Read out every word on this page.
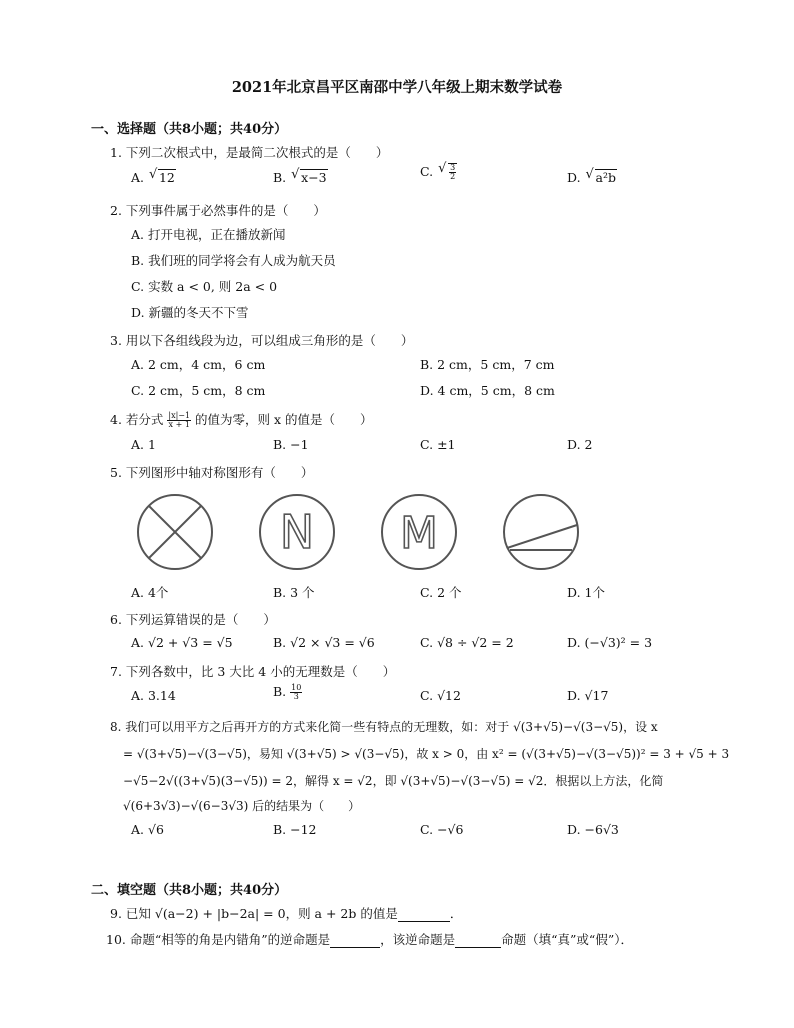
2021年北京昌平区南邵中学八年级上期末数学试卷
一、选择题（共8小题；共40分）
1. 下列二次根式中，是最简二次根式的是（　　）
A. √ 12	B. √ x−3	C.
√ $\frac{3}{2}$	D. √ a²b
2. 下列事件属于必然事件的是（　　）
A. 打开电视，正在播放新闻
B. 我们班的同学将会有人成为航天员
C. 实数 a < 0, 则 2a < 0
D. 新疆的冬天不下雪
3. 用以下各组线段为边，可以组成三角形的是（　　）
A. 2 cm，4 cm，6 cm	B. 2 cm，5 cm，7 cm
C. 2 cm，5 cm，8 cm	D. 4 cm，5 cm，8 cm
4. 若分式 $\frac{|x|-1}{x + 1}$ 的值为零，则 x 的值是（　　）
A. 1	B. −1	C. ±1	D. 2
5. 下列图形中轴对称图形有（　　）
N M
A. 4个	B. 3 个	C. 2 个	D. 1个
6. 下列运算错误的是（　　）
A. √2 + √3 = √5	B. √2 × √3 = √6	C. √8 ÷ √2 = 2	D. (−√3)² = 3
7. 下列各数中，比 3 大比 4 小的无理数是（　　）
A. 3.14	B. $\frac{10}{3}$	C. √12	D. √17
8. 我们可以用平方之后再开方的方式来化简一些有特点的无理数，如：对于 √(3+√5)−√(3−√5)，设 x
= √(3+√5)−√(3−√5)，易知 √(3+√5) > √(3−√5)，故 x > 0，由 x² = (√(3+√5)−√(3−√5))² = 3 + √5 + 3
−√5−2√((3+√5)(3−√5)) = 2，解得 x = √2，即 √(3+√5)−√(3−√5) = √2．根据以上方法，化简
√(6+3√3)−√(6−3√3) 后的结果为（　　）
A. √6	B. −12	C. −√6	D. −6√3
二、填空题（共8小题；共40分）
9. 已知 √(a−2) + |b−2a| = 0，则 a + 2b 的值是	．
10. 命题“相等的角是内错角”的逆命题是	，该逆命题是	命题（填“真”或“假”）．
